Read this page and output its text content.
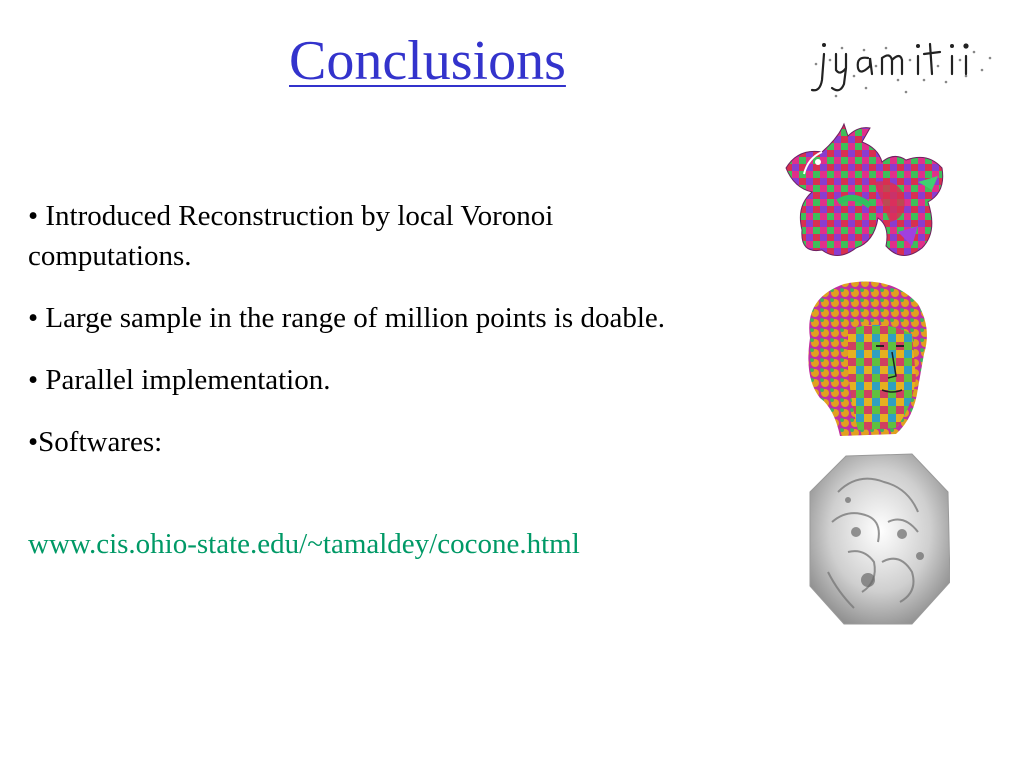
Conclusions

• Introduced Reconstruction by local Voronoi computations.

• Large sample in the range of million points is doable.

• Parallel implementation.

•Softwares:

www.cis.ohio-state.edu/~tamaldey/cocone.html
